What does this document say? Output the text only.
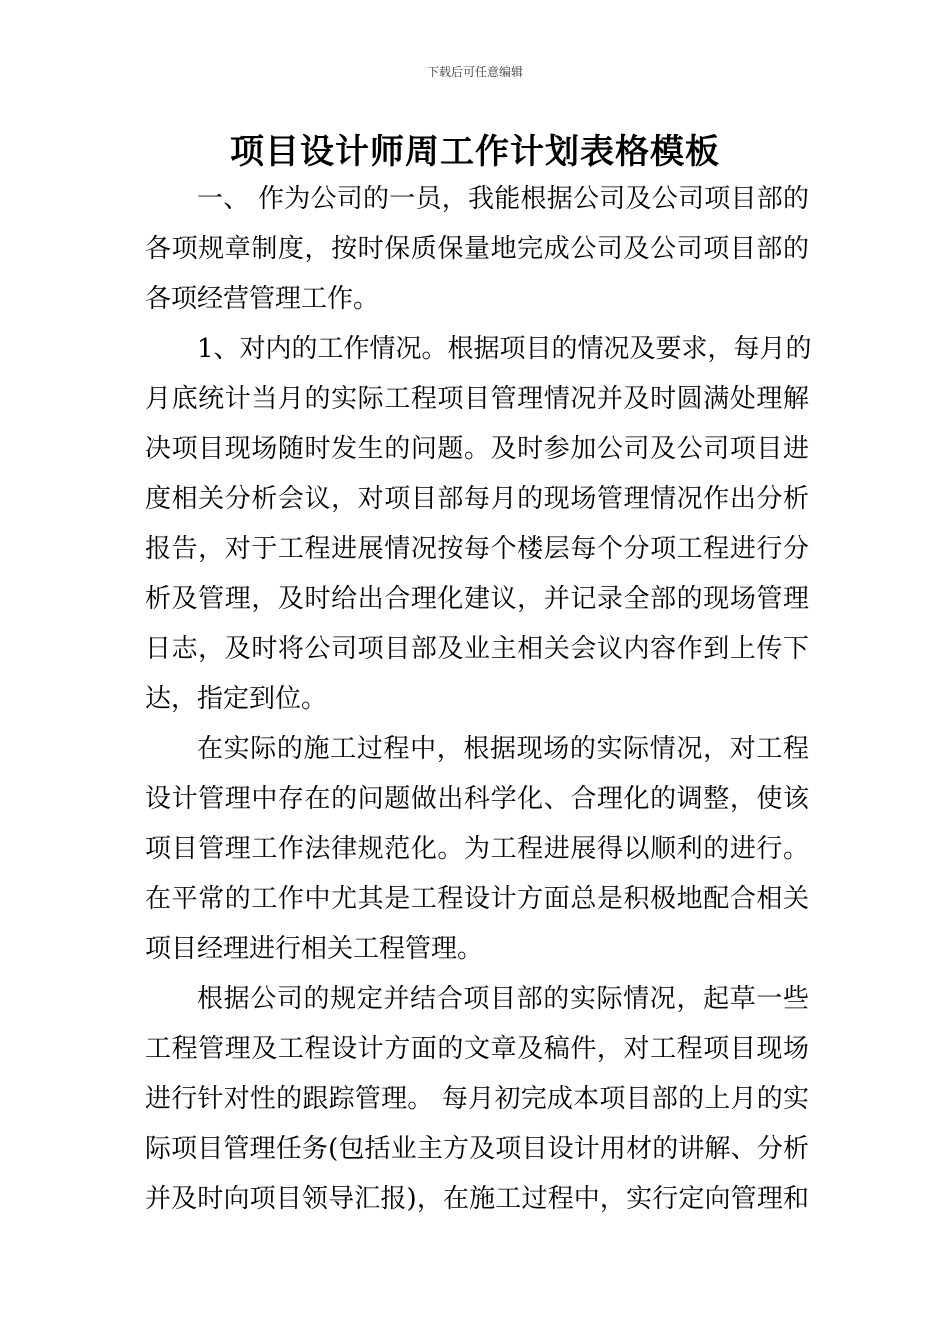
下载后可任意编辑
项目设计师周工作计划表格模板
一、 作为公司的一员，我能根据公司及公司项目部的
各项规章制度，按时保质保量地完成公司及公司项目部的
各项经营管理工作。
1、对内的工作情况。根据项目的情况及要求，每月的
月底统计当月的实际工程项目管理情况并及时圆满处理解
决项目现场随时发生的问题。及时参加公司及公司项目进
度相关分析会议，对项目部每月的现场管理情况作出分析
报告，对于工程进展情况按每个楼层每个分项工程进行分
析及管理，及时给出合理化建议，并记录全部的现场管理
日志，及时将公司项目部及业主相关会议内容作到上传下
达，指定到位。
在实际的施工过程中，根据现场的实际情况，对工程
设计管理中存在的问题做出科学化、合理化的调整，使该
项目管理工作法律规范化。为工程进展得以顺利的进行。
在平常的工作中尤其是工程设计方面总是积极地配合相关
项目经理进行相关工程管理。
根据公司的规定并结合项目部的实际情况，起草一些
工程管理及工程设计方面的文章及稿件，对工程项目现场
进行针对性的跟踪管理。 每月初完成本项目部的上月的实
际项目管理任务(包括业主方及项目设计用材的讲解、分析
并及时向项目领导汇报)，在施工过程中，实行定向管理和
